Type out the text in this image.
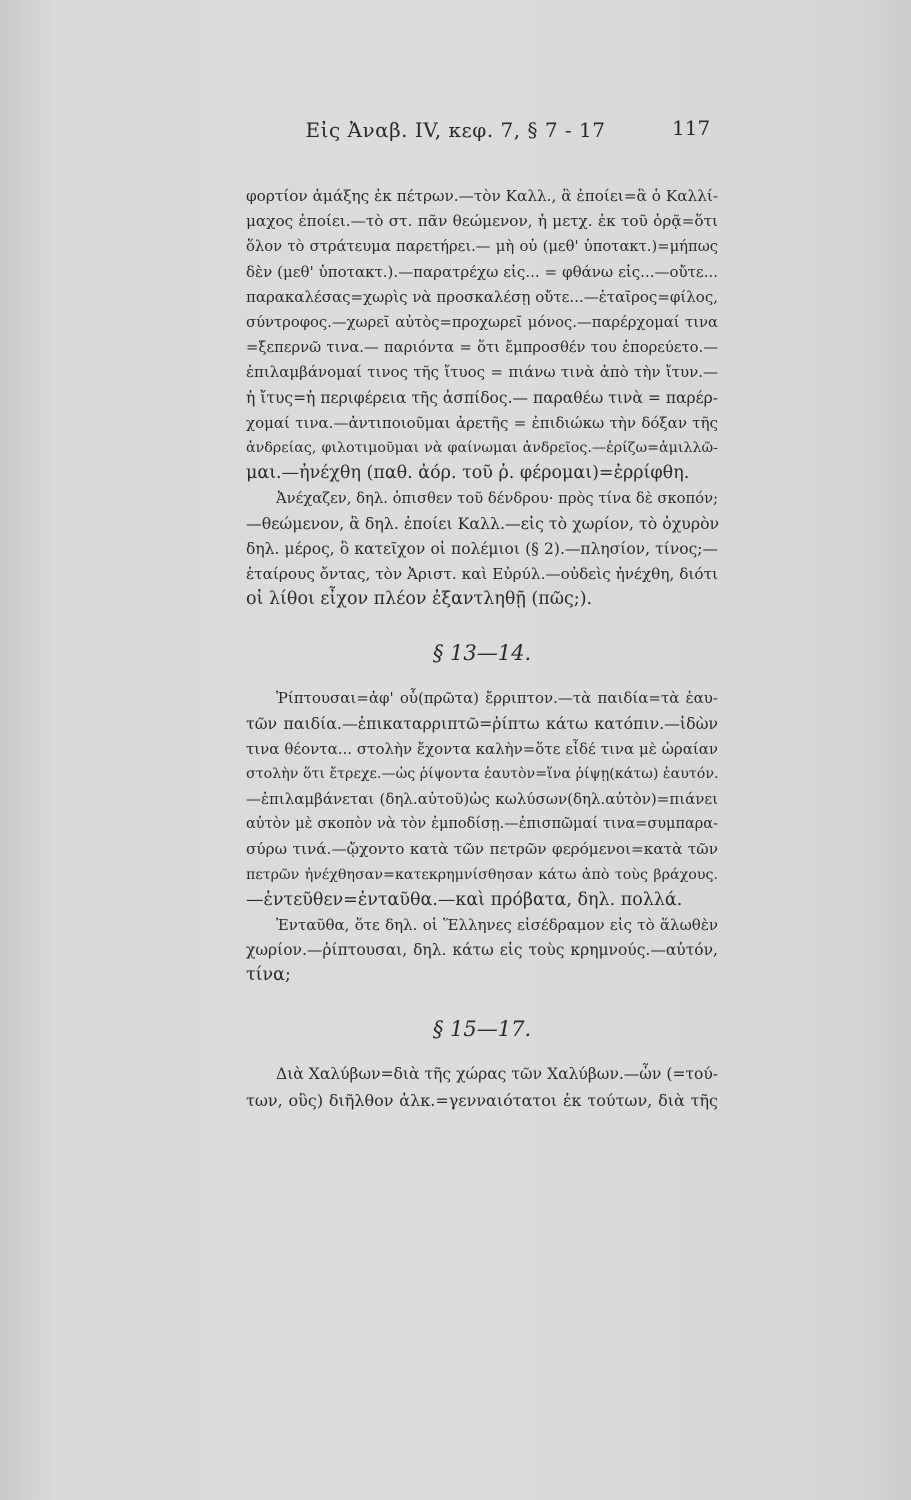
Εἰς Ἀναβ. IV, κεφ. 7, § 7 - 17	117
φορτίον ἁμάξης ἐκ πέτρων.—τὸν Καλλ., ἃ ἐποίει=ἃ ὁ Καλλί-
μαχος ἐποίει.—τὸ στ. πᾶν θεώμενον, ἡ μετχ. ἐκ τοῦ ὁρᾷ=ὅτι
ὅλον τὸ στράτευμα παρετήρει.— μὴ οὐ (μεθ' ὑποτακτ.)=μήπως
δὲν (μεθ' ὑποτακτ.).—παρατρέχω εἰς... = φθάνω εἰς...—οὔτε...
παρακαλέσας=χωρὶς νὰ προσκαλέσῃ οὔτε...—ἑταῖρος=φίλος,
σύντροφος.—χωρεῖ αὐτὸς=προχωρεῖ μόνος.—παρέρχομαί τινα
=ξεπερνῶ τινα.— παριόντα = ὅτι ἔμπροσθέν του ἐπορεύετο.—
ἐπιλαμβάνομαί τινος τῆς ἴτυος = πιάνω τινὰ ἀπὸ τὴν ἴτυν.—
ἡ ἴτυς=ἡ περιφέρεια τῆς ἀσπίδος.— παραθέω τινὰ = παρέρ-
χομαί τινα.—ἀντιποιοῦμαι ἀρετῆς = ἐπιδιώκω τὴν δόξαν τῆς
ἀνδρείας, φιλοτιμοῦμαι νὰ φαίνωμαι ἀνδρεῖος.—ἐρίζω=ἁμιλλῶ-
μαι.—ἠνέχθη (παθ. ἀόρ. τοῦ ῥ. φέρομαι)=ἐρρίφθη.
Ἀνέχαζεν, δηλ. ὀπισθεν τοῦ δένδρου· πρὸς τίνα δὲ σκοπόν;
—θεώμενον, ἃ δηλ. ἐποίει Καλλ.—εἰς τὸ χωρίον, τὸ ὀχυρὸν
δηλ. μέρος, ὃ κατεῖχον οἱ πολέμιοι (§ 2).—πλησίον, τίνος;—
ἑταίρους ὄντας, τὸν Ἀριστ. καὶ Εὐρύλ.—οὐδεὶς ἠνέχθη, διότι
οἱ λίθοι εἶχον πλέον ἐξαντληθῇ (πῶς;).
§ 13—14.
Ῥίπτουσαι=ἀφ' οὗ(πρῶτα) ἔρριπτον.—τὰ παιδία=τὰ ἑαυ-
τῶν παιδία.—ἐπικαταρριπτῶ=ῥίπτω κάτω κατόπιν.—ἰδὼν
τινα θέοντα... στολὴν ἔχοντα καλὴν=ὅτε εἶδέ τινα μὲ ὡραίαν
στολὴν ὅτι ἔτρεχε.—ὡς ῥίψοντα ἑαυτὸν=ἵνα ῥίψῃ(κάτω) ἑαυτόν.
—ἐπιλαμβάνεται (δηλ.αὐτοῦ)ὡς κωλύσων(δηλ.αὐτὸν)=πιάνει
αὐτὸν μὲ σκοπὸν νὰ τὸν ἐμποδίσῃ.—ἐπισπῶμαί τινα=συμπαρα-
σύρω τινά.—ᾤχοντο κατὰ τῶν πετρῶν φερόμενοι=κατὰ τῶν
πετρῶν ἠνέχθησαν=κατεκρημνίσθησαν κάτω ἀπὸ τοὺς βράχους.
—ἐντεῦθεν=ἐνταῦθα.—καὶ πρόβατα, δηλ. πολλά.
Ἐνταῦθα, ὅτε δηλ. οἱ Ἕλληνες εἰσέδραμον εἰς τὸ ἅλωθὲν
χωρίον.—ῥίπτουσαι, δηλ. κάτω εἰς τοὺς κρημνούς.—αὐτόν,
τίνα;
§ 15—17.
Διὰ Χαλύβων=διὰ τῆς χώρας τῶν Χαλύβων.—ὧν (=τού-
των, οὓς) διῆλθον ἀλκ.=γενναιότατοι ἐκ τούτων, διὰ τῆς
